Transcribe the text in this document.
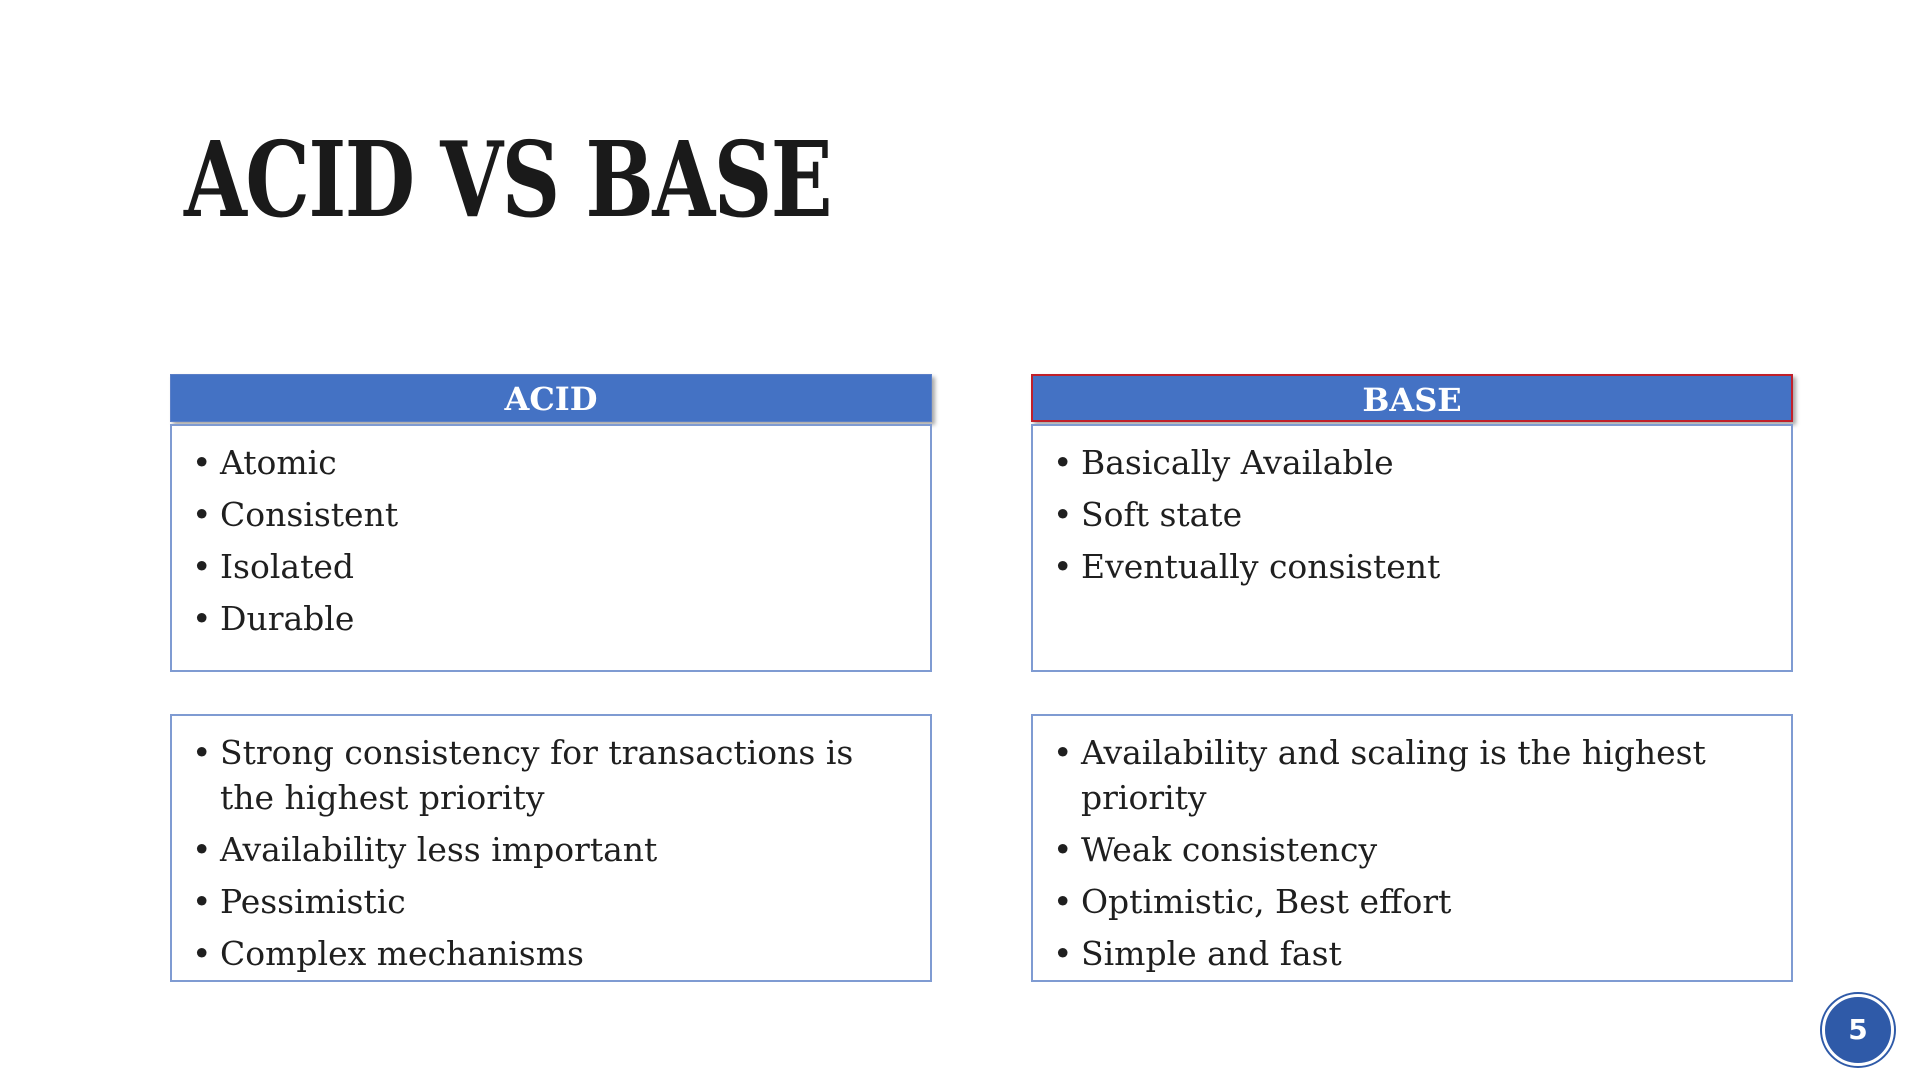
ACID VS BASE
ACID
• Atomic
• Consistent
• Isolated
• Durable
• Strong consistency for transactions is the highest priority
• Availability less important
• Pessimistic
• Complex mechanisms
BASE
• Basically Available
• Soft state
• Eventually consistent
• Availability and scaling is the highest priority
• Weak consistency
• Optimistic, Best effort
• Simple and fast
5
